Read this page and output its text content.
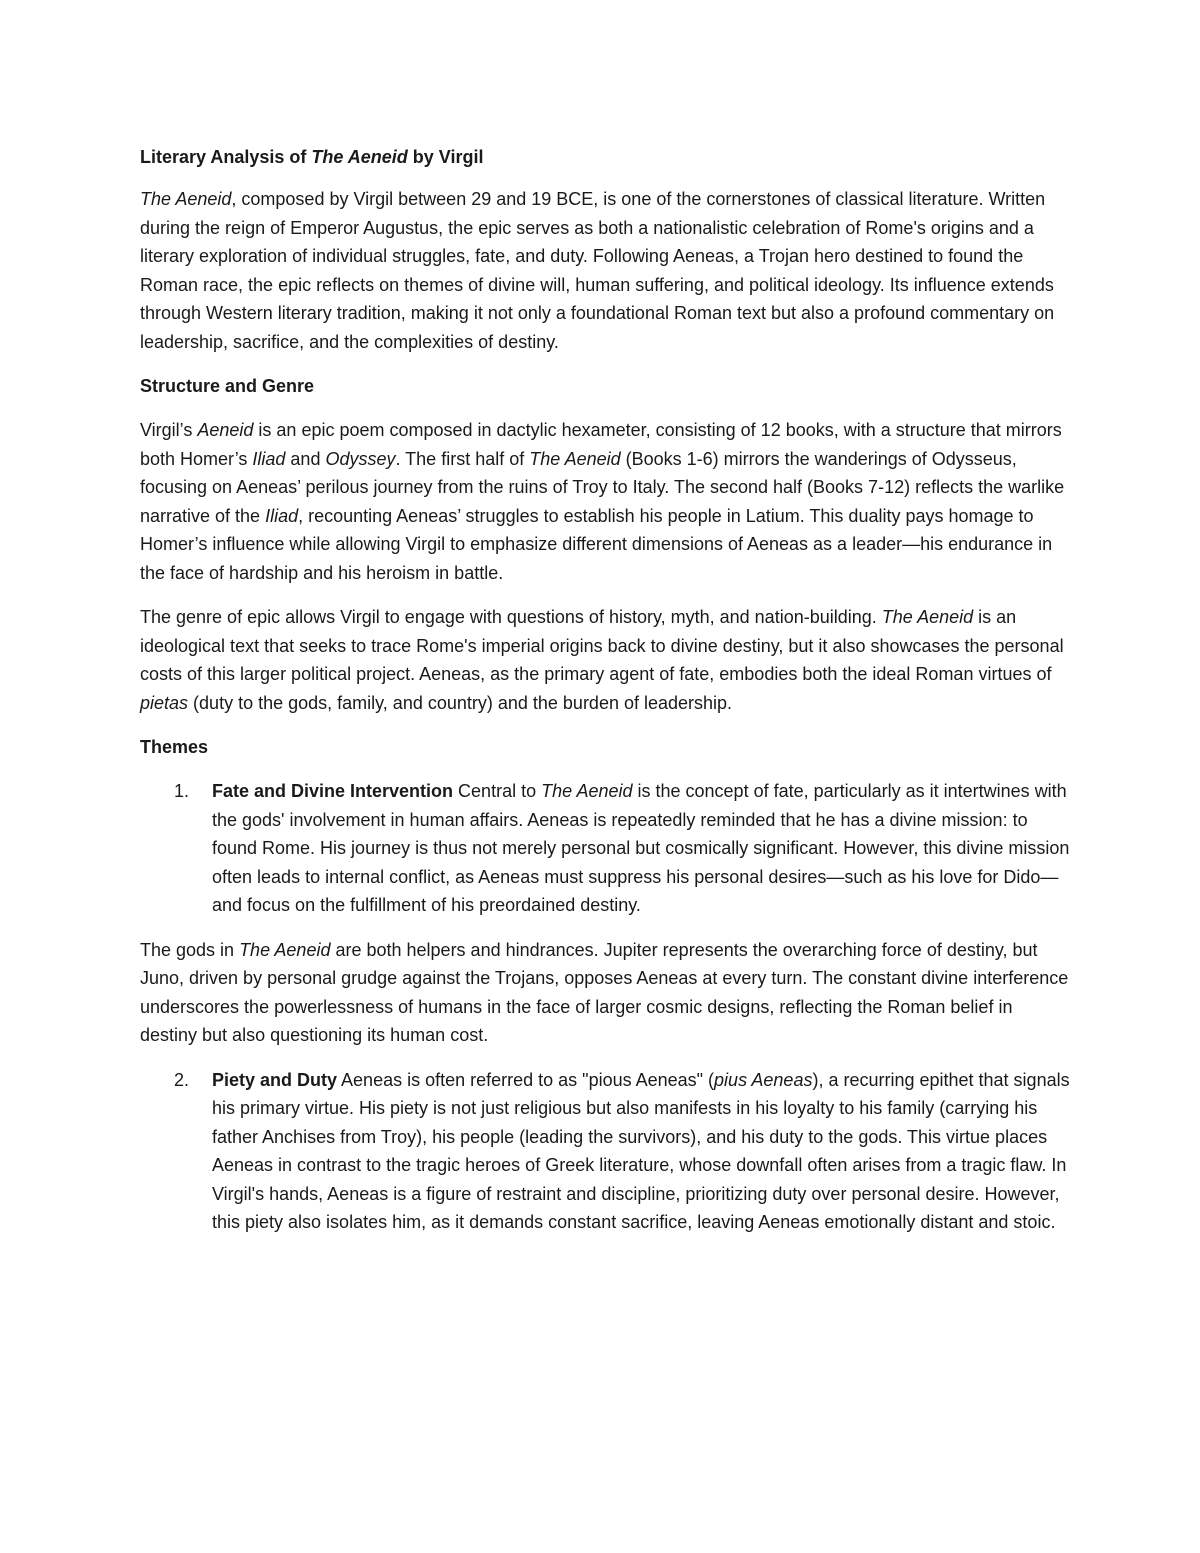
Literary Analysis of The Aeneid by Virgil

The Aeneid, composed by Virgil between 29 and 19 BCE, is one of the cornerstones of classical literature. Written during the reign of Emperor Augustus, the epic serves as both a nationalistic celebration of Rome's origins and a literary exploration of individual struggles, fate, and duty. Following Aeneas, a Trojan hero destined to found the Roman race, the epic reflects on themes of divine will, human suffering, and political ideology. Its influence extends through Western literary tradition, making it not only a foundational Roman text but also a profound commentary on leadership, sacrifice, and the complexities of destiny.

Structure and Genre

Virgil’s Aeneid is an epic poem composed in dactylic hexameter, consisting of 12 books, with a structure that mirrors both Homer’s Iliad and Odyssey. The first half of The Aeneid (Books 1-6) mirrors the wanderings of Odysseus, focusing on Aeneas’ perilous journey from the ruins of Troy to Italy. The second half (Books 7-12) reflects the warlike narrative of the Iliad, recounting Aeneas’ struggles to establish his people in Latium. This duality pays homage to Homer’s influence while allowing Virgil to emphasize different dimensions of Aeneas as a leader—his endurance in the face of hardship and his heroism in battle.

The genre of epic allows Virgil to engage with questions of history, myth, and nation-building. The Aeneid is an ideological text that seeks to trace Rome's imperial origins back to divine destiny, but it also showcases the personal costs of this larger political project. Aeneas, as the primary agent of fate, embodies both the ideal Roman virtues of pietas (duty to the gods, family, and country) and the burden of leadership.

Themes
1. Fate and Divine Intervention Central to The Aeneid is the concept of fate, particularly as it intertwines with the gods' involvement in human affairs. Aeneas is repeatedly reminded that he has a divine mission: to found Rome. His journey is thus not merely personal but cosmically significant. However, this divine mission often leads to internal conflict, as Aeneas must suppress his personal desires—such as his love for Dido—and focus on the fulfillment of his preordained destiny.

The gods in The Aeneid are both helpers and hindrances. Jupiter represents the overarching force of destiny, but Juno, driven by personal grudge against the Trojans, opposes Aeneas at every turn. The constant divine interference underscores the powerlessness of humans in the face of larger cosmic designs, reflecting the Roman belief in destiny but also questioning its human cost.

2. Piety and Duty Aeneas is often referred to as "pious Aeneas" (pius Aeneas), a recurring epithet that signals his primary virtue. His piety is not just religious but also manifests in his loyalty to his family (carrying his father Anchises from Troy), his people (leading the survivors), and his duty to the gods. This virtue places Aeneas in contrast to the tragic heroes of Greek literature, whose downfall often arises from a tragic flaw. In Virgil's hands, Aeneas is a figure of restraint and discipline, prioritizing duty over personal desire. However, this piety also isolates him, as it demands constant sacrifice, leaving Aeneas emotionally distant and stoic.
